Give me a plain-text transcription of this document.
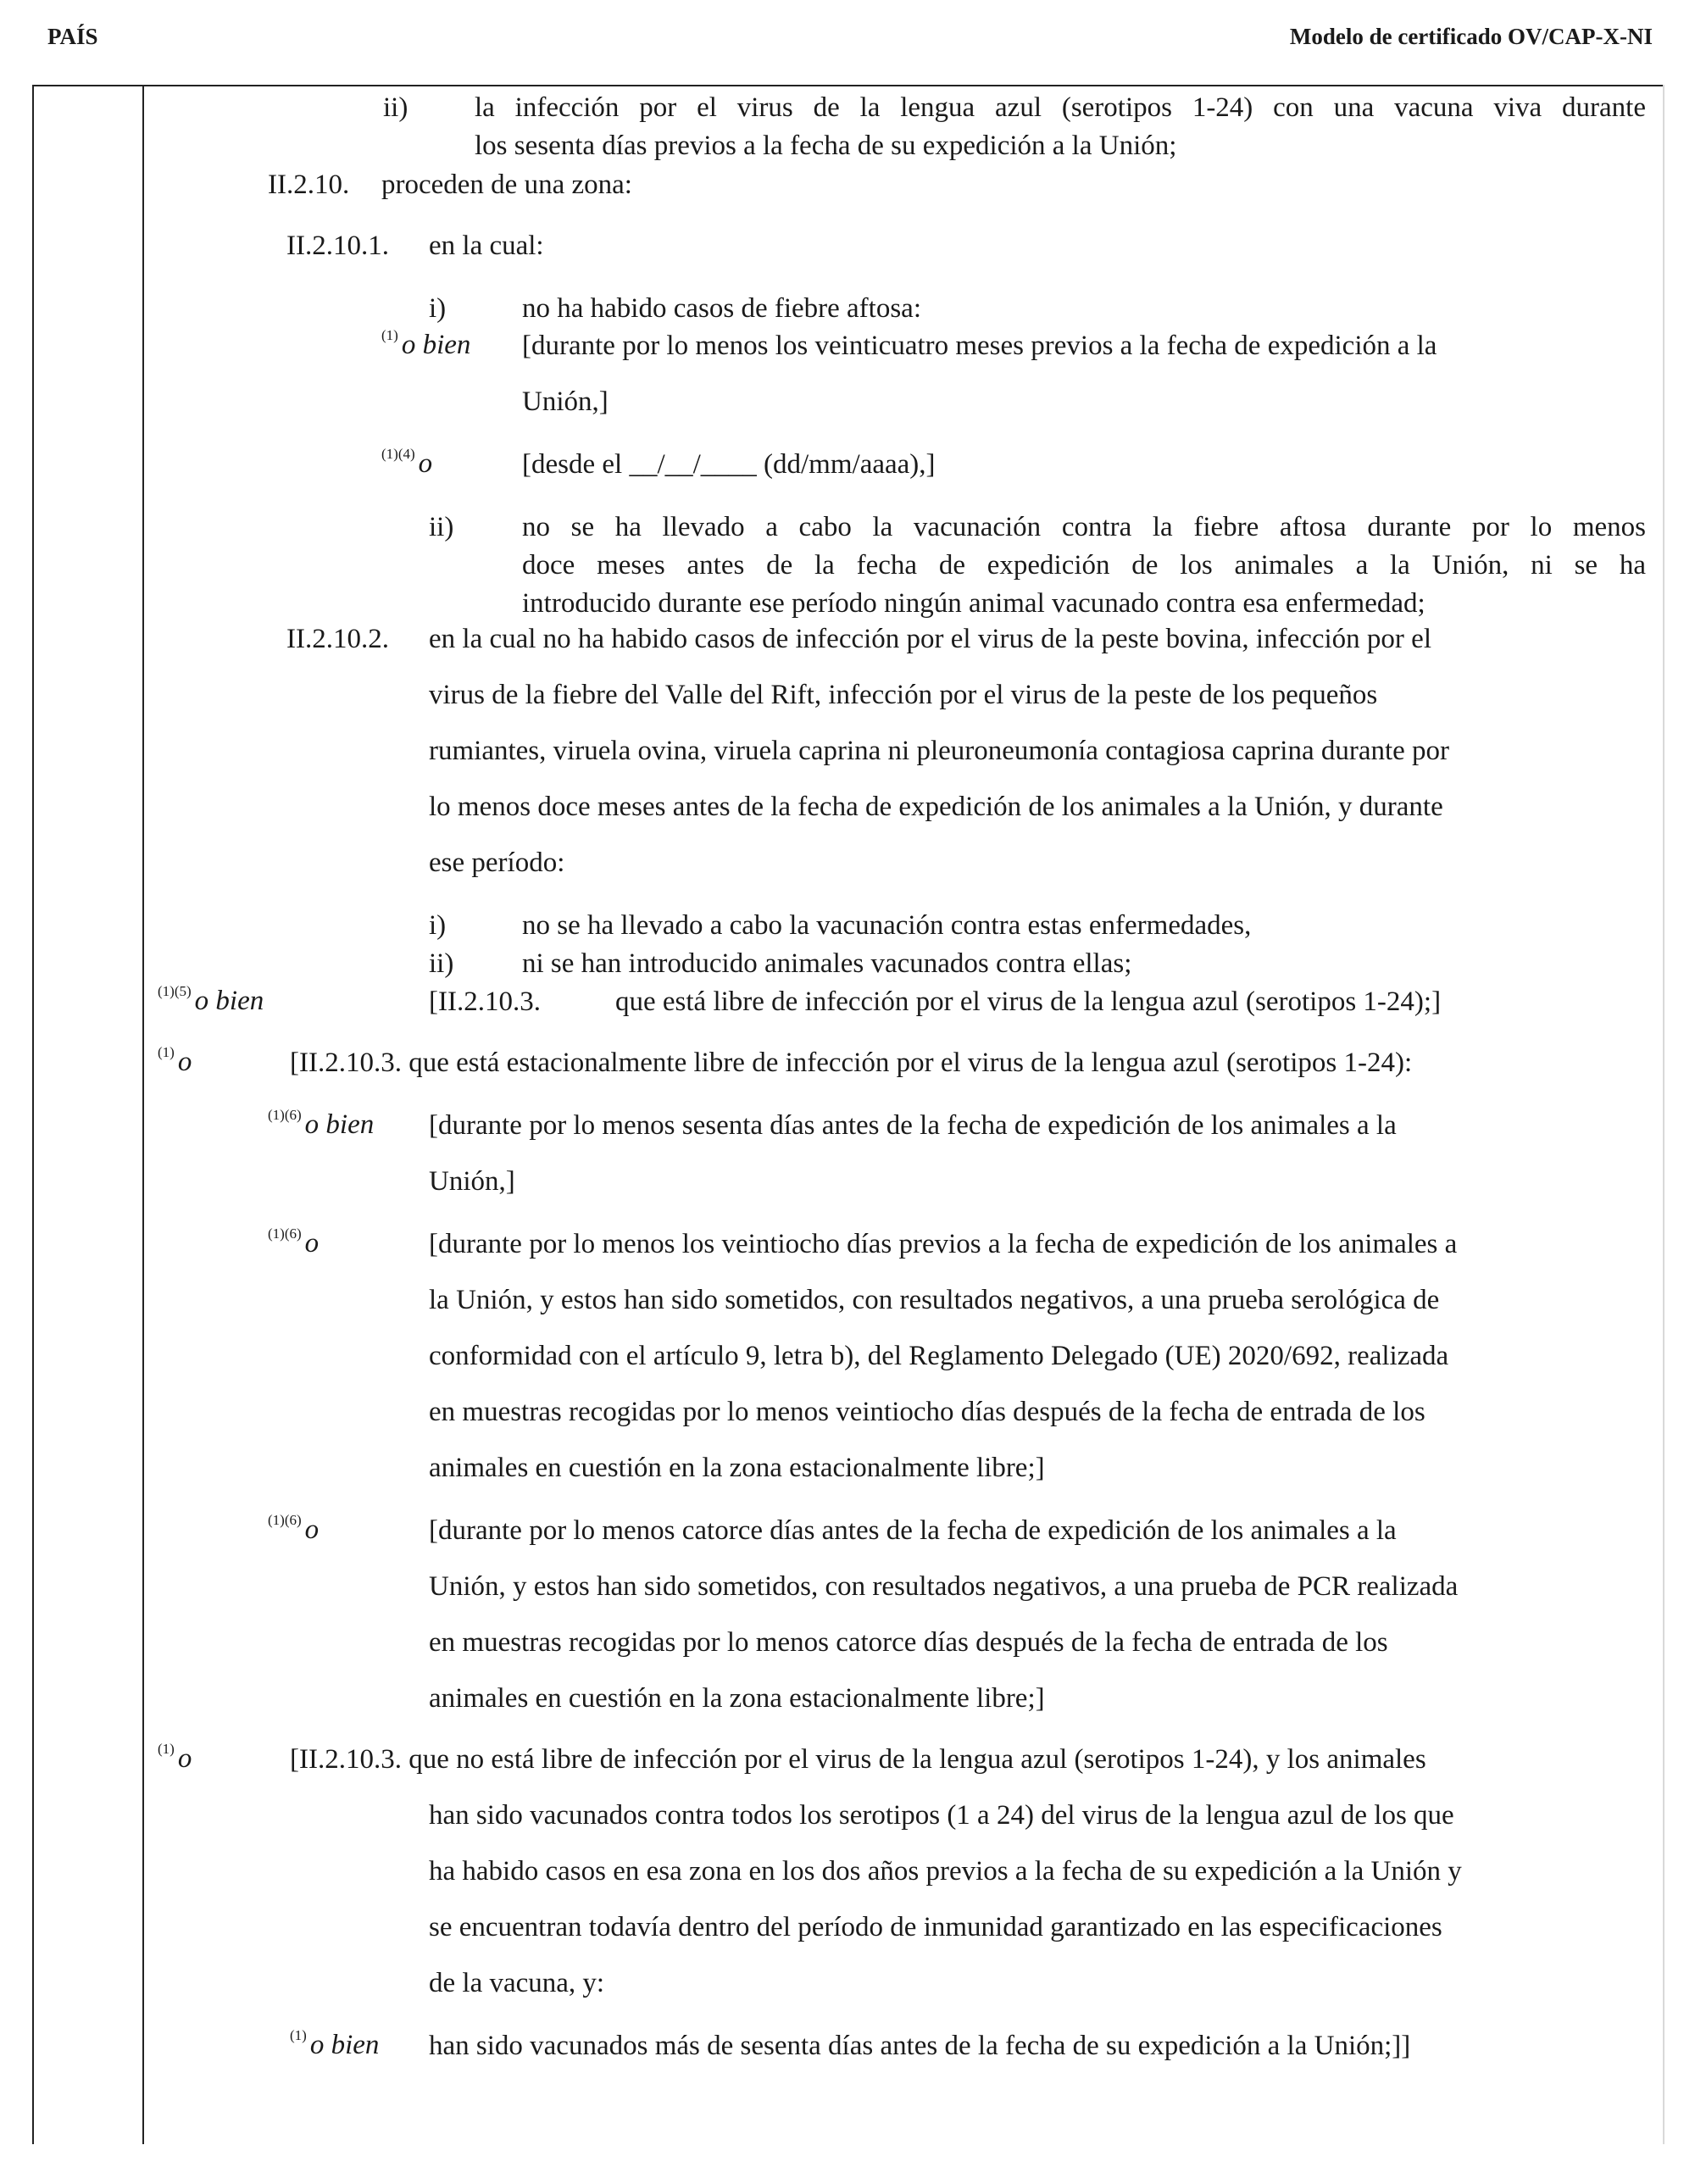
PAÍS	Modelo de certificado OV/CAP-X-NI
ii) la infección por el virus de la lengua azul (serotipos 1-24) con una vacuna viva durante
los sesenta días previos a la fecha de su expedición a la Unión;
II.2.10. proceden de una zona:
II.2.10.1. en la cual:
i)	no ha habido casos de fiebre aftosa:
$^{(1)}$ o bien [durante por lo menos los veinticuatro meses previos a la fecha de expedición a la
Unión,]
$^{(1)(4)}$ o	[desde el __/__/____ (dd/mm/aaaa),]
ii) no se ha llevado a cabo la vacunación contra la fiebre aftosa durante por lo menos
doce meses antes de la fecha de expedición de los animales a la Unión, ni se ha
introducido durante ese período ningún animal vacunado contra esa enfermedad;
II.2.10.2. en la cual no ha habido casos de infección por el virus de la peste bovina, infección por el
virus de la fiebre del Valle del Rift, infección por el virus de la peste de los pequeños
rumiantes, viruela ovina, viruela caprina ni pleuroneumonía contagiosa caprina durante por
lo menos doce meses antes de la fecha de expedición de los animales a la Unión, y durante
ese período:
i)	no se ha llevado a cabo la vacunación contra estas enfermedades,
ii) ni se han introducido animales vacunados contra ellas;
$^{(1)(5)}$ o bien	[II.2.10.3.	que está libre de infección por el virus de la lengua azul (serotipos 1-24);]
$^{(1)}$ o	[II.2.10.3. que está estacionalmente libre de infección por el virus de la lengua azul (serotipos 1-24):
$^{(1)(6)}$ o bien [durante por lo menos sesenta días antes de la fecha de expedición de los animales a la
Unión,]
$^{(1)(6)}$ o	[durante por lo menos los veintiocho días previos a la fecha de expedición de los animales a
la Unión, y estos han sido sometidos, con resultados negativos, a una prueba serológica de
conformidad con el artículo 9, letra b), del Reglamento Delegado (UE) 2020/692, realizada
en muestras recogidas por lo menos veintiocho días después de la fecha de entrada de los
animales en cuestión en la zona estacionalmente libre;]
$^{(1)(6)}$ o	[durante por lo menos catorce días antes de la fecha de expedición de los animales a la
Unión, y estos han sido sometidos, con resultados negativos, a una prueba de PCR realizada
en muestras recogidas por lo menos catorce días después de la fecha de entrada de los
animales en cuestión en la zona estacionalmente libre;]
$^{(1)}$ o	[II.2.10.3. que no está libre de infección por el virus de la lengua azul (serotipos 1-24), y los animales
han sido vacunados contra todos los serotipos (1 a 24) del virus de la lengua azul de los que
ha habido casos en esa zona en los dos años previos a la fecha de su expedición a la Unión y
se encuentran todavía dentro del período de inmunidad garantizado en las especificaciones
de la vacuna, y:
$^{(1)}$ o bien han sido vacunados más de sesenta días antes de la fecha de su expedición a la Unión;]]
